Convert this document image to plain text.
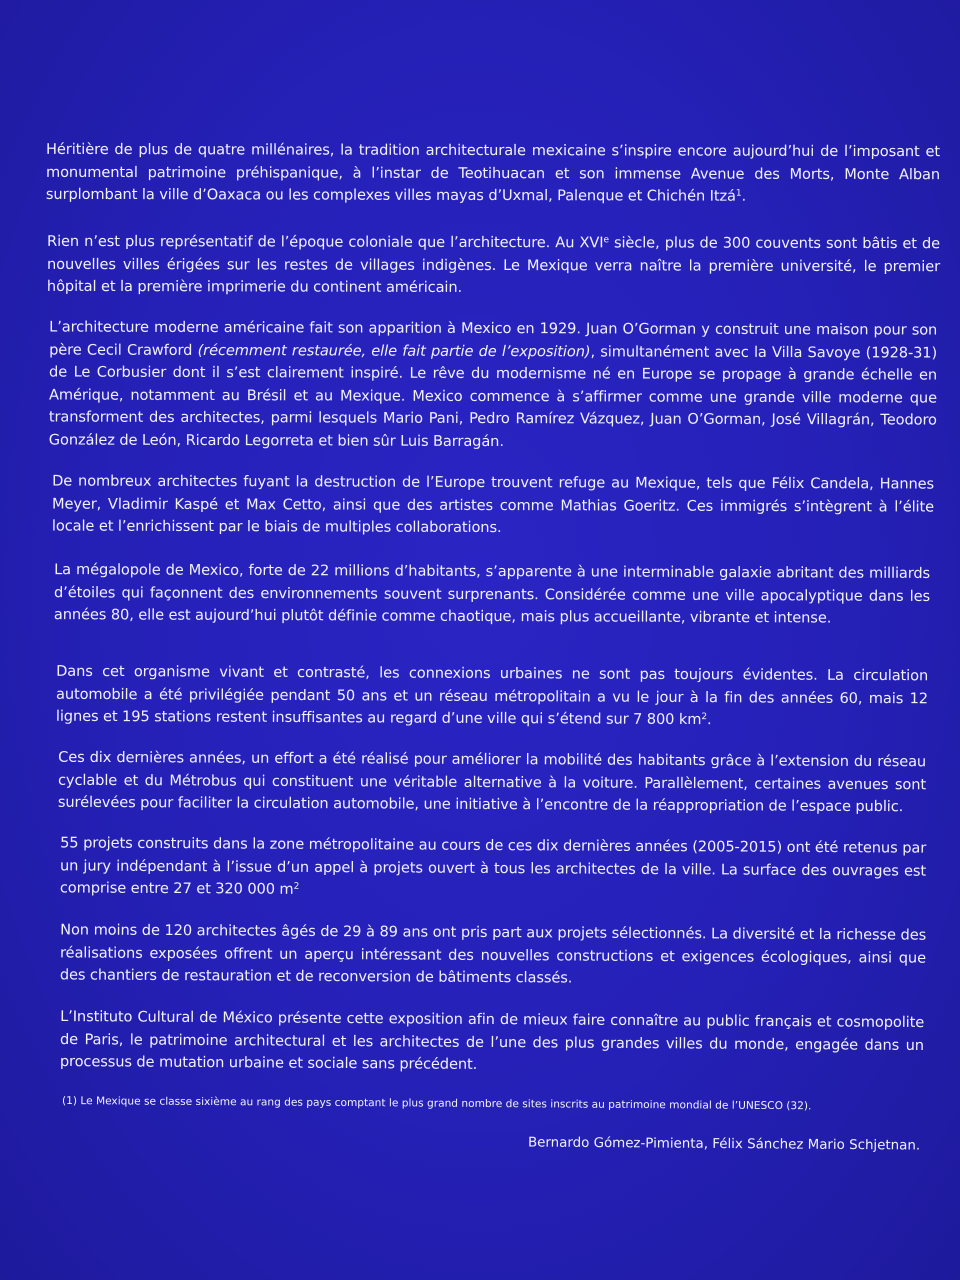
Héritière de plus de quatre millénaires, la tradition architecturale mexicaine s’inspire encore aujourd’hui de l’imposant et monumental patrimoine préhispanique, à l’instar de Teotihuacan et son immense Avenue des Morts, Monte Alban surplombant la ville d’Oaxaca ou les complexes villes mayas d’Uxmal, Palenque et Chichén Itzá$^1$.

Rien n’est plus représentatif de l’époque coloniale que l’architecture. Au XVIe siècle, plus de 300 couvents sont bâtis et de nouvelles villes érigées sur les restes de villages indigènes. Le Mexique verra naître la première université, le premier hôpital et la première imprimerie du continent américain.

L’architecture moderne américaine fait son apparition à Mexico en 1929. Juan O’Gorman y construit une maison pour son père Cecil Crawford (récemment restaurée, elle fait partie de l’exposition), simultanément avec la Villa Savoye (1928-31) de Le Corbusier dont il s’est clairement inspiré. Le rêve du modernisme né en Europe se propage à grande échelle en Amérique, notamment au Brésil et au Mexique. Mexico commence à s’affirmer comme une grande ville moderne que transforment des architectes, parmi lesquels Mario Pani, Pedro Ramírez Vázquez, Juan O’Gorman, José Villagrán, Teodoro González de León, Ricardo Legorreta et bien sûr Luis Barragán.

De nombreux architectes fuyant la destruction de l’Europe trouvent refuge au Mexique, tels que Félix Candela, Hannes Meyer, Vladimir Kaspé et Max Cetto, ainsi que des artistes comme Mathias Goeritz. Ces immigrés s’intègrent à l’élite locale et l’enrichissent par le biais de multiples collaborations.

La mégalopole de Mexico, forte de 22 millions d’habitants, s’apparente à une interminable galaxie abritant des milliards d’étoiles qui façonnent des environnements souvent surprenants. Considérée comme une ville apocalyptique dans les années 80, elle est aujourd’hui plutôt définie comme chaotique, mais plus accueillante, vibrante et intense.

Dans cet organisme vivant et contrasté, les connexions urbaines ne sont pas toujours évidentes. La circulation automobile a été privilégiée pendant 50 ans et un réseau métropolitain a vu le jour à la fin des années 60, mais 12 lignes et 195 stations restent insuffisantes au regard d’une ville qui s’étend sur 7 800 $km^2$.

Ces dix dernières années, un effort a été réalisé pour améliorer la mobilité des habitants grâce à l’extension du réseau cyclable et du Métrobus qui constituent une véritable alternative à la voiture. Parallèlement, certaines avenues sont surélevées pour faciliter la circulation automobile, une initiative à l’encontre de la réappropriation de l’espace public.

55 projets construits dans la zone métropolitaine au cours de ces dix dernières années (2005-2015) ont été retenus par un jury indépendant à l’issue d’un appel à projets ouvert à tous les architectes de la ville. La surface des ouvrages est comprise entre 27 et 320 000 $m^2$

Non moins de 120 architectes âgés de 29 à 89 ans ont pris part aux projets sélectionnés. La diversité et la richesse des réalisations exposées offrent un aperçu intéressant des nouvelles constructions et exigences écologiques, ainsi que des chantiers de restauration et de reconversion de bâtiments classés.

L’Instituto Cultural de México présente cette exposition afin de mieux faire connaître au public français et cosmopolite de Paris, le patrimoine architectural et les architectes de l’une des plus grandes villes du monde, engagée dans un processus de mutation urbaine et sociale sans précédent.

(1) Le Mexique se classe sixième au rang des pays comptant le plus grand nombre de sites inscrits au patrimoine mondial de l’UNESCO (32).

Bernardo Gómez-Pimienta, Félix Sánchez Mario Schjetnan.
